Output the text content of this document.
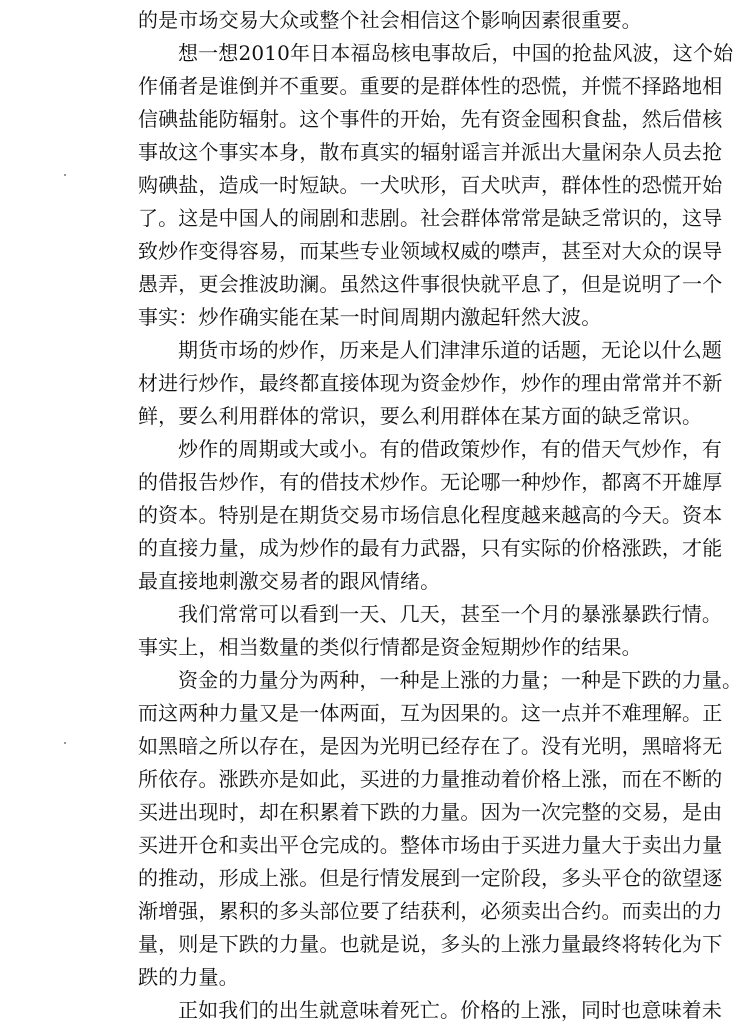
的是市场交易大众或整个社会相信这个影响因素很重要。
想一想2010年日本福岛核电事故后，中国的抢盐风波，这个始
作俑者是谁倒并不重要。重要的是群体性的恐慌，并慌不择路地相
信碘盐能防辐射。这个事件的开始，先有资金囤积食盐，然后借核
事故这个事实本身，散布真实的辐射谣言并派出大量闲杂人员去抢
购碘盐，造成一时短缺。一犬吠形，百犬吠声，群体性的恐慌开始
了。这是中国人的闹剧和悲剧。社会群体常常是缺乏常识的，这导
致炒作变得容易，而某些专业领域权威的噤声，甚至对大众的误导
愚弄，更会推波助澜。虽然这件事很快就平息了，但是说明了一个
事实：炒作确实能在某一时间周期内激起轩然大波。
期货市场的炒作，历来是人们津津乐道的话题，无论以什么题
材进行炒作，最终都直接体现为资金炒作，炒作的理由常常并不新
鲜，要么利用群体的常识，要么利用群体在某方面的缺乏常识。
炒作的周期或大或小。有的借政策炒作，有的借天气炒作，有
的借报告炒作，有的借技术炒作。无论哪一种炒作，都离不开雄厚
的资本。特别是在期货交易市场信息化程度越来越高的今天。资本
的直接力量，成为炒作的最有力武器，只有实际的价格涨跌，才能
最直接地刺激交易者的跟风情绪。
我们常常可以看到一天、几天，甚至一个月的暴涨暴跌行情。
事实上，相当数量的类似行情都是资金短期炒作的结果。
资金的力量分为两种，一种是上涨的力量；一种是下跌的力量。
而这两种力量又是一体两面，互为因果的。这一点并不难理解。正
如黑暗之所以存在，是因为光明已经存在了。没有光明，黑暗将无
所依存。涨跌亦是如此，买进的力量推动着价格上涨，而在不断的
买进出现时，却在积累着下跌的力量。因为一次完整的交易，是由
买进开仓和卖出平仓完成的。整体市场由于买进力量大于卖出力量
的推动，形成上涨。但是行情发展到一定阶段，多头平仓的欲望逐
渐增强，累积的多头部位要了结获利，必须卖出合约。而卖出的力
量，则是下跌的力量。也就是说，多头的上涨力量最终将转化为下
跌的力量。
正如我们的出生就意味着死亡。价格的上涨，同时也意味着未
